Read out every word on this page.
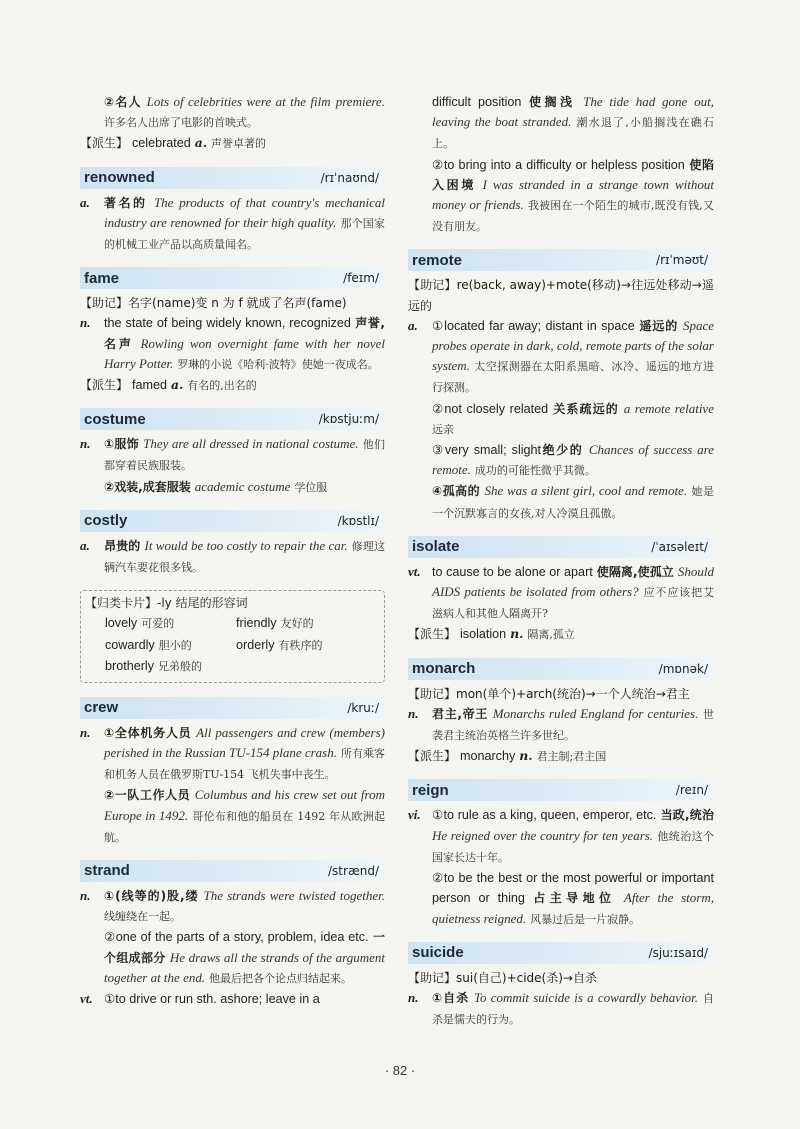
②名人 Lots of celebrities were at the film premiere. 许多名人出席了电影的首映式。
【派生】 celebrated a. 声誉卓著的
renowned	/rɪˈnaʊnd/
a.	著名的 The products of that country's mechanical industry are renowned for their high quality. 那个国家的机械工业产品以高质量闻名。
fame	/feɪm/
【助记】名字(name)变 n 为 f 就成了名声(fame)
n.	the state of being widely known, recognized 声誉,名声 Rowling won overnight fame with her novel Harry Potter. 罗琳的小说《哈利·波特》使她一夜成名。
【派生】 famed a. 有名的,出名的
costume	/kɒstjuːm/
n.	①服饰 They are all dressed in national costume. 他们都穿着民族服装。
②戏装,成套服装 academic costume 学位服
costly	/kɒstlɪ/
a.	昂贵的 It would be too costly to repair the car. 修理这辆汽车要花很多钱。
【归类卡片】-ly 结尾的形容词
lovely 可爱的	friendly 友好的
cowardly 胆小的	orderly 有秩序的
brotherly 兄弟般的
crew	/kruː/
n.	①全体机务人员 All passengers and crew (members) perished in the Russian TU-154 plane crash. 所有乘客和机务人员在俄罗斯TU-154 飞机失事中丧生。
②一队工作人员 Columbus and his crew set out from Europe in 1492. 哥伦布和他的船员在 1492 年从欧洲起航。
strand	/strænd/
n.	①(线等的)股,缕 The strands were twisted together. 线缠绕在一起。
②one of the parts of a story, problem, idea etc. 一个组成部分 He draws all the strands of the argument together at the end. 他最后把各个论点归结起来。
vt. ①to drive or run sth. ashore; leave in a
difficult position 使搁浅 The tide had gone out, leaving the boat stranded. 潮水退了,小船搁浅在礁石上。
②to bring into a difficulty or helpless position 使陷入困境 I was stranded in a strange town without money or friends. 我被困在一个陌生的城市,既没有钱,又没有朋友。
remote	/rɪˈməʊt/
【助记】re(back, away)+mote(移动)→往远处移动→遥远的
a.	①located far away; distant in space 遥远的 Space probes operate in dark, cold, remote parts of the solar system. 太空探测器在太阳系黑暗、冰冷、遥远的地方进行探测。
②not closely related 关系疏远的 a remote relative 远亲
③very small; slight绝少的 Chances of success are remote. 成功的可能性微乎其微。
④孤高的 She was a silent girl, cool and remote. 她是一个沉默寡言的女孩,对人冷漠且孤傲。
isolate	/ˈaɪsəleɪt/
vt. to cause to be alone or apart 使隔离,使孤立 Should AIDS patients be isolated from others? 应不应该把艾滋病人和其他人隔离开?
【派生】 isolation n. 隔离,孤立
monarch	/mɒnək/
【助记】mon(单个)+arch(统治)→一个人统治→君主
n.	君主,帝王 Monarchs ruled England for centuries. 世袭君主统治英格兰许多世纪。
【派生】 monarchy n. 君主制;君主国
reign	/reɪn/
vi. ①to rule as a king, queen, emperor, etc. 当政,统治 He reigned over the country for ten years. 他统治这个国家长达十年。
②to be the best or the most powerful or important person or thing 占主导地位 After the storm, quietness reigned. 风暴过后是一片寂静。
suicide	/sjuːɪsaɪd/
【助记】sui(自己)+cide(杀)→自杀
n.	①自杀 To commit suicide is a cowardly behavior. 自杀是懦夫的行为。
· 82 ·
